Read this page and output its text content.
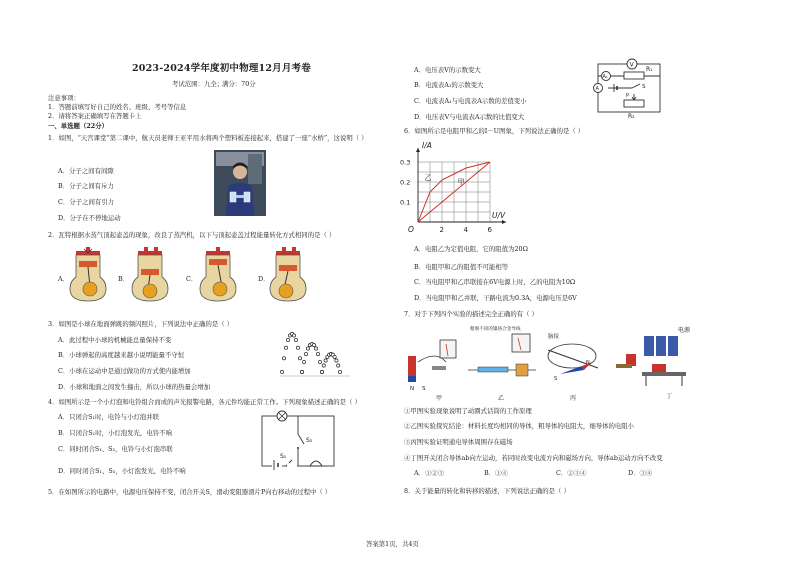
2023-2024学年度初中物理12月月考卷
考试范围：九全；
满分：70分
注意事项：
1．答题前填写好自己的姓名、班级、考号等信息
2．请将答案正确填写在答题卡上
一、单选题（22分）
1．如图，“天宫课堂”第二课中，航天员老师王亚平用水将两个塑料板连接起来，搭建了一座“水桥”，这说明（ ）
A．分子之间有间隙
B．分子之间有斥力
C．分子之间有引力
D．分子在不停地运动
2．瓦特根据水蒸气顶起壶盖的现象，改良了蒸汽机，以下与顶起壶盖过程能量转化方式相同的是（ ）
A．	B．	C．	D．
3．如图是小球在地面弹跳的频闪照片，下列说法中正确的是（ ）
A．此过程中小球的机械能总量保持不变
B．小球弹起的高度越来越小说明能量不守恒
C．小球在运动中是通过做功的方式使内能增加
D．小球和地面之间发生撞击，所以小球的热量会增加
4．如图所示是一个小灯泡和电铃组合而成的声光报警电路，各元件均能正常工作。下列现象描述正确的是（ ）
A．只闭合S₁时，电铃与小灯泡并联
B．只闭合S₁时，小灯泡发光，电铃不响
C．同时闭合S₁、S₂，电铃与小灯泡串联
D．同时闭合S₁、S₂，小灯泡发光，电铃不响
S₂
S₁
5．在如图所示的电路中，电源电压保持不变，闭合开关S，滑动变阻器滑片P向右移动的过程中（ ）
A．电压表V的示数变大
B．电流表A₁的示数变大
C．电流表A₁与电流表A示数的差值变小
D．电压表V与电流表A示数的比值变大
V
A₁
R₁
A	S
P
R₂
6．如图所示是电阻甲和乙的I－U图象，下列说法正确的是（ ）
甲
乙
2	4	6
0.1
0.2
0.3
O
U/V
I/A
A．电阻乙为定值电阻，它的阻值为20Ω
B．电阻甲和乙的阻值不可能相等
C．当电阻甲和乙串联接在6V电源上时，乙的电阻为10Ω
D．当电阻甲和乙并联，干路电流为0.3A，电源电压是6V
7．对于下列四个实验的描述完全正确的有（ ）
N S
甲
粗细不同的镍铬合金导线
乙
脑接
N
S
丙
电源
丁
①甲图实验现象说明了动圈式话筒的工作原理
②乙图实验探究结论：材料长度均相同的导体，粗导体的电阻大，细导体的电阻小
③丙图实验证明通电导体周围存在磁场
④丁图开关闭合导体ab向左运动，若同时改变电流方向和磁场方向，导体ab运动方向不改变
A．①②③	B．①④	C．②③④	D．③④
8．关于能量的转化和转移的描述，下列说法正确的是（ ）
答案第1页，共4页
